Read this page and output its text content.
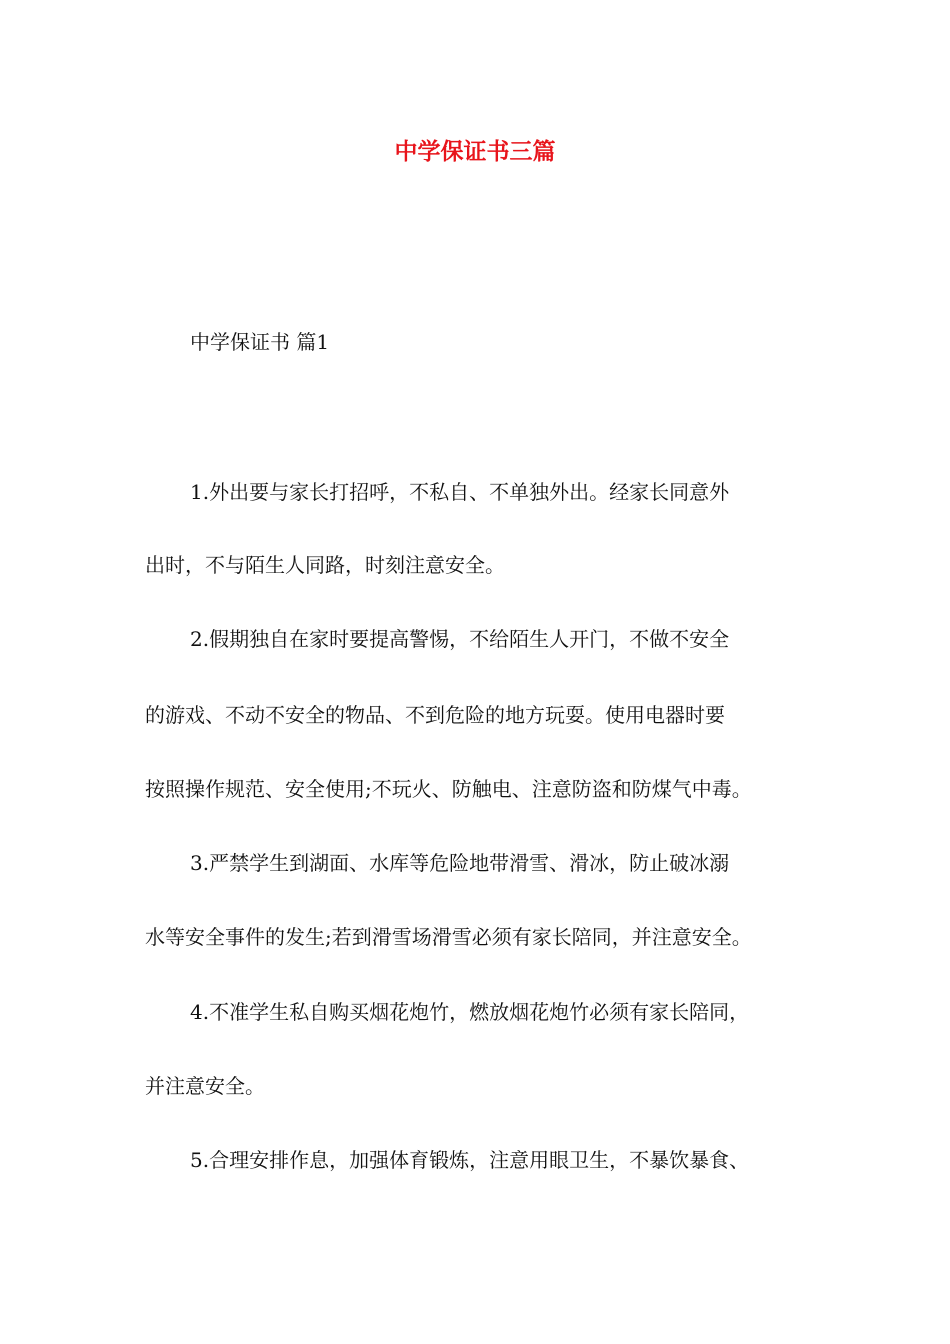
中学保证书三篇
中学保证书 篇1
1.外出要与家长打招呼，不私自、不单独外出。经家长同意外
出时，不与陌生人同路，时刻注意安全。
2.假期独自在家时要提高警惕，不给陌生人开门，不做不安全
的游戏、不动不安全的物品、不到危险的地方玩耍。使用电器时要
按照操作规范、安全使用;不玩火、防触电、注意防盗和防煤气中毒。
3.严禁学生到湖面、水库等危险地带滑雪、滑冰，防止破冰溺
水等安全事件的发生;若到滑雪场滑雪必须有家长陪同，并注意安全。
4.不准学生私自购买烟花炮竹，燃放烟花炮竹必须有家长陪同，
并注意安全。
5.合理安排作息，加强体育锻炼，注意用眼卫生，不暴饮暴食、
